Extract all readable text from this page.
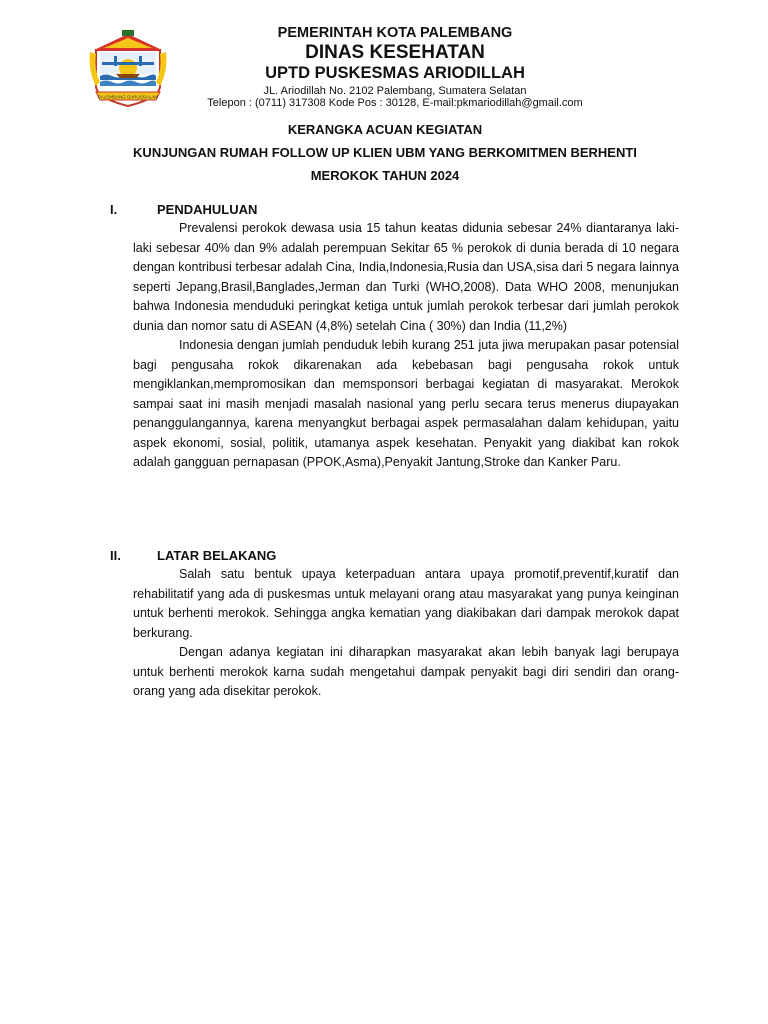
PALEMBANG DARUSSALAM
PEMERINTAH KOTA PALEMBANG
DINAS KESEHATAN
UPTD PUSKESMAS ARIODILLAH
JL. Ariodillah No. 2102 Palembang, Sumatera Selatan
Telepon : (0711) 317308 Kode Pos : 30128, E-mail:pkmariodillah@gmail.com
KERANGKA ACUAN KEGIATAN
KUNJUNGAN RUMAH FOLLOW UP KLIEN UBM YANG BERKOMITMEN BERHENTI
MEROKOK TAHUN 2024
I.	PENDAHULUAN

Prevalensi perokok dewasa usia 15 tahun keatas didunia sebesar 24% diantaranya laki-laki sebesar 40% dan 9% adalah perempuan Sekitar 65 % perokok di dunia berada di 10 negara dengan kontribusi terbesar adalah Cina, India,Indonesia,Rusia dan USA,sisa dari 5 negara lainnya seperti Jepang,Brasil,Banglades,Jerman dan Turki (WHO,2008). Data WHO 2008, menunjukan bahwa Indonesia menduduki peringkat ketiga untuk jumlah perokok terbesar dari jumlah perokok dunia dan nomor satu di ASEAN (4,8%) setelah Cina ( 30%) dan India (11,2%)

Indonesia dengan jumlah penduduk lebih kurang 251 juta jiwa merupakan pasar potensial bagi pengusaha rokok dikarenakan ada kebebasan bagi pengusaha rokok untuk mengiklankan,mempromosikan dan memsponsori berbagai kegiatan di masyarakat. Merokok sampai saat ini masih menjadi masalah nasional yang perlu secara terus menerus diupayakan penanggulangannya, karena menyangkut berbagai aspek permasalahan dalam kehidupan, yaitu aspek ekonomi, sosial, politik, utamanya aspek kesehatan. Penyakit yang diakibat kan rokok adalah gangguan pernapasan (PPOK,Asma),Penyakit Jantung,Stroke dan Kanker Paru.

II.	LATAR BELAKANG

Salah satu bentuk upaya keterpaduan antara upaya promotif,preventif,kuratif dan rehabilitatif yang ada di puskesmas untuk melayani orang atau masyarakat yang punya keinginan untuk berhenti merokok. Sehingga angka kematian yang diakibakan dari dampak merokok dapat berkurang.

Dengan adanya kegiatan ini diharapkan masyarakat akan lebih banyak lagi berupaya untuk berhenti merokok karna sudah mengetahui dampak penyakit bagi diri sendiri dan orang- orang yang ada disekitar perokok.
